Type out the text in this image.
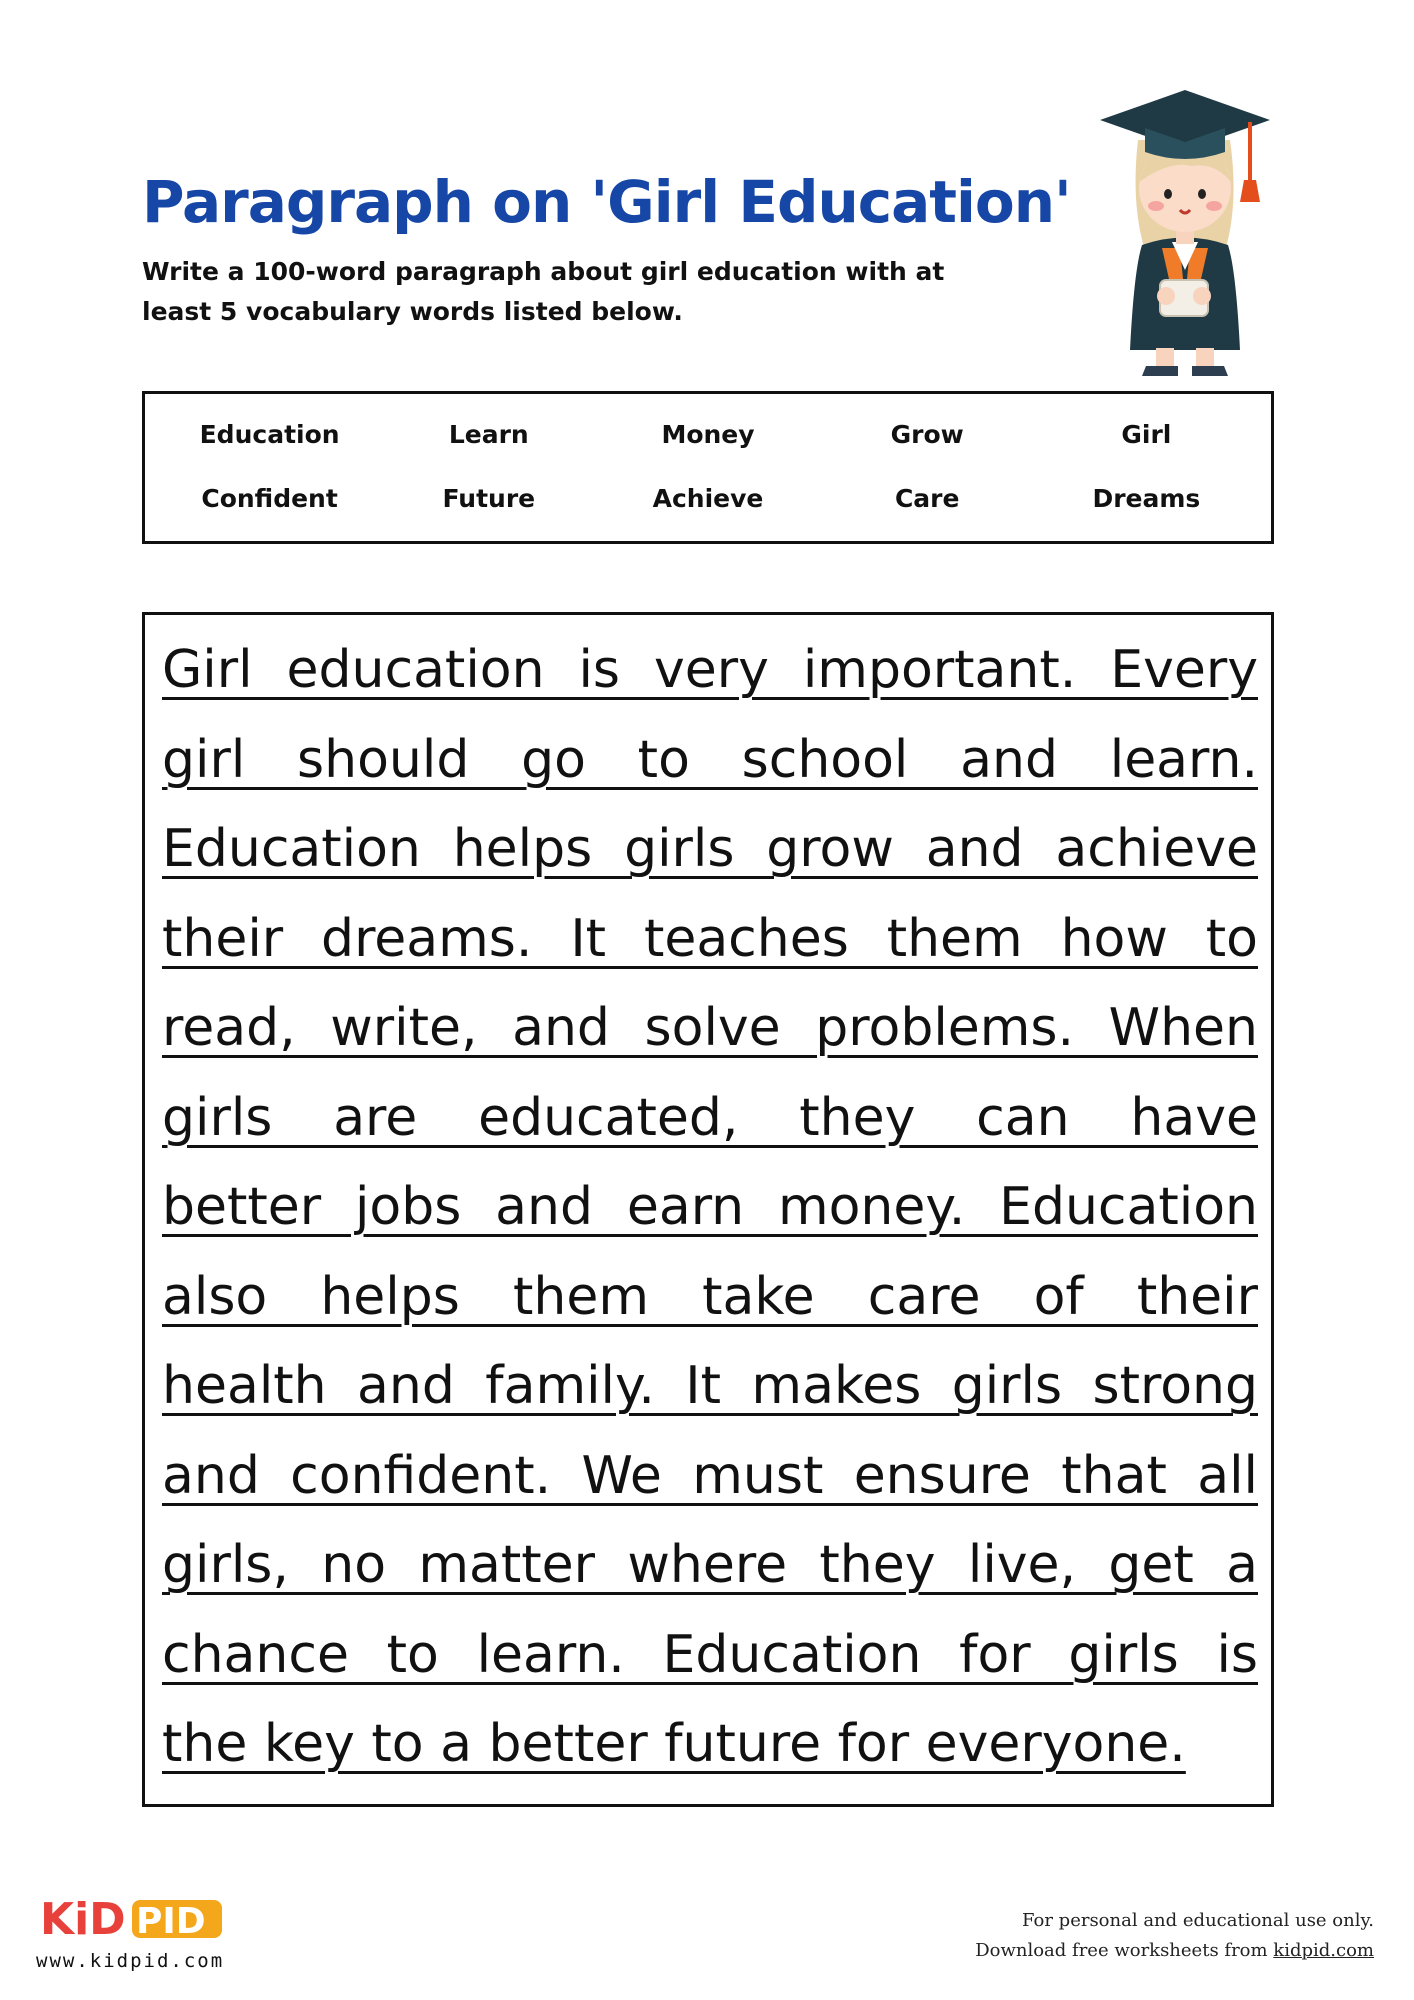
Paragraph on 'Girl Education'
Write a 100-word paragraph about girl education with at least 5 vocabulary words listed below.
Education	Learn	Money	Grow	Girl
Confident	Future	Achieve	Care	Dreams
Girl education is very important. Every
girl should go to school and learn.
Education helps girls grow and achieve
their dreams. It teaches them how to
read, write, and solve problems. When
girls are educated, they can have
better jobs and earn money. Education
also helps them take care of their
health and family. It makes girls strong
and confident. We must ensure that all
girls, no matter where they live, get a
chance to learn. Education for girls is
the key to a better future for everyone.
KiD PID
www.kidpid.com
For personal and educational use only.
Download free worksheets from kidpid.com
